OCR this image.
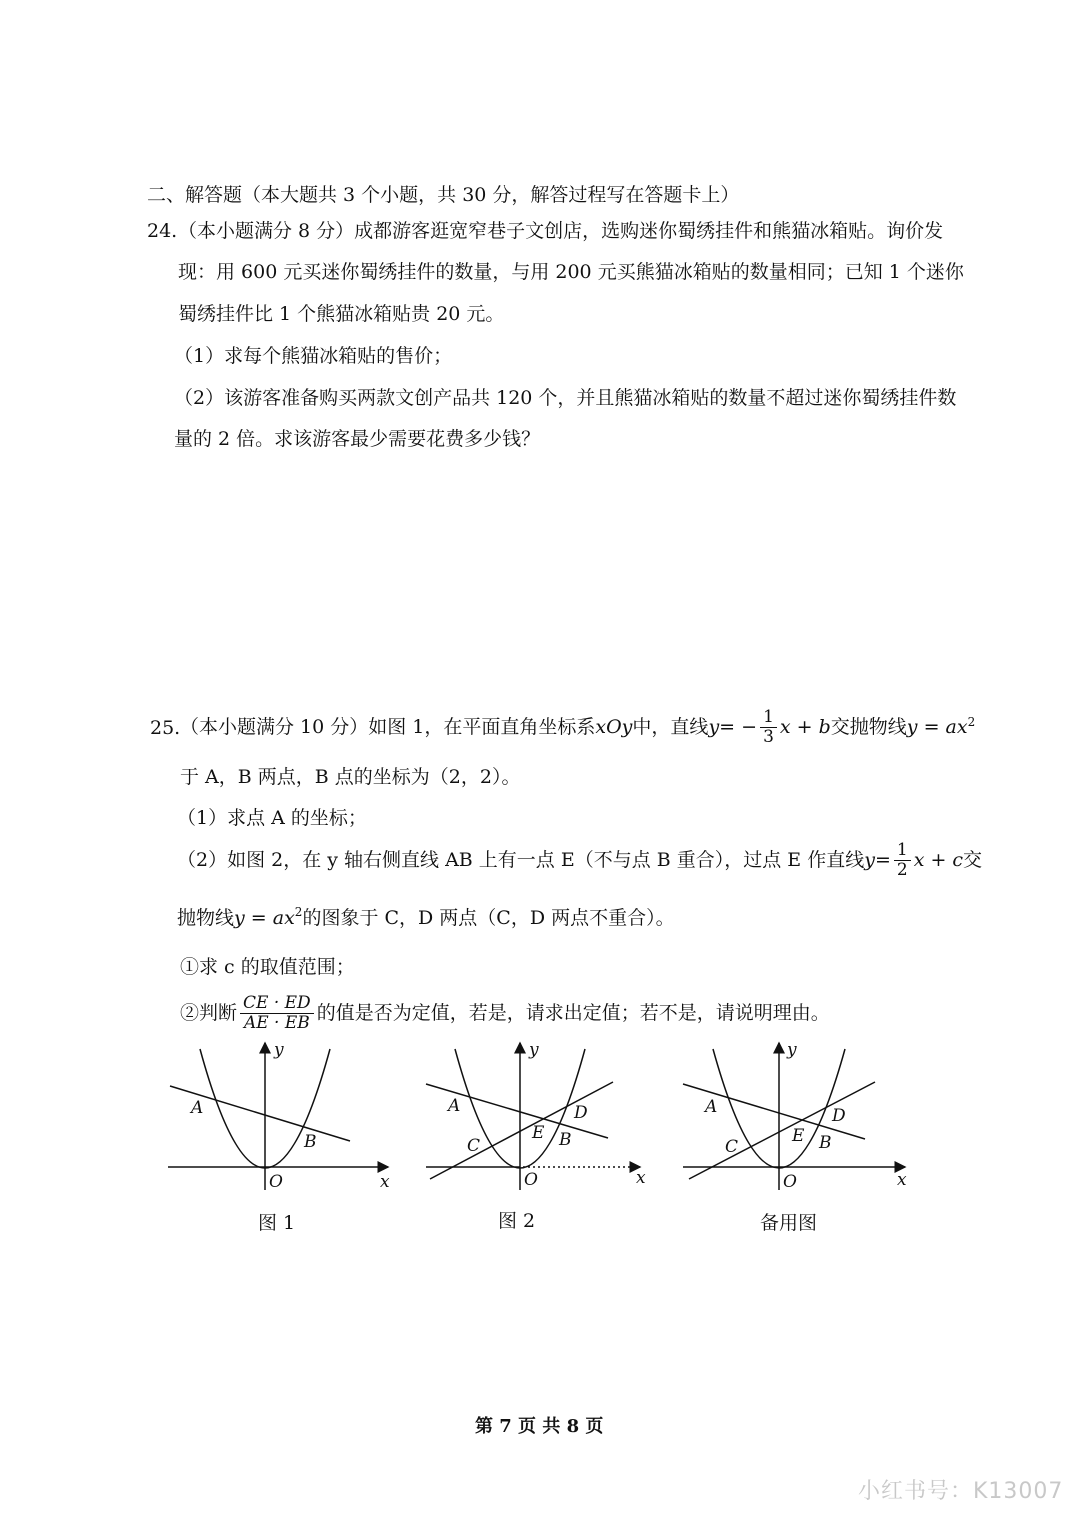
二、解答题（本大题共 3 个小题，共 30 分，解答过程写在答题卡上）
24. （本小题满分 8 分）成都游客逛宽窄巷子文创店，选购迷你蜀绣挂件和熊猫冰箱贴。询价发
现：用 600 元买迷你蜀绣挂件的数量，与用 200 元买熊猫冰箱贴的数量相同；已知 1 个迷你
蜀绣挂件比 1 个熊猫冰箱贴贵 20 元。
（1）求每个熊猫冰箱贴的售价；
（2）该游客准备购买两款文创产品共 120 个，并且熊猫冰箱贴的数量不超过迷你蜀绣挂件数
量的 2 倍。求该游客最少需要花费多少钱？
25. （本小题满分 10 分）如图 1，在平面直角坐标系 xOy 中，直线 y = − $\frac{1}{3}$ x + b 交抛物线 $y = ax^2$
于 A，B 两点，B 点的坐标为（2，2）。
（1）求点 A 的坐标；
（2）如图 2，在 y 轴右侧直线 AB 上有一点 E（不与点 B 重合），过点 E 作直线 $y = \frac{1}{2}$ x + c 交
抛物线 $y = ax^2$ 的图象于 C，D 两点（C，D 两点不重合）。
①求 c 的取值范围；
②判断 $\frac{CE \cdot ED}{AE \cdot EB}$ 的值是否为定值，若是，请求出定值；若不是，请说明理由。
y
x
O
A
B
图 1
y
x
O
A
B
C
D
E
图 2
y
x
O
A
B
C
D
E
备用图
第 7 页 共 8 页
小红书号：K13007
